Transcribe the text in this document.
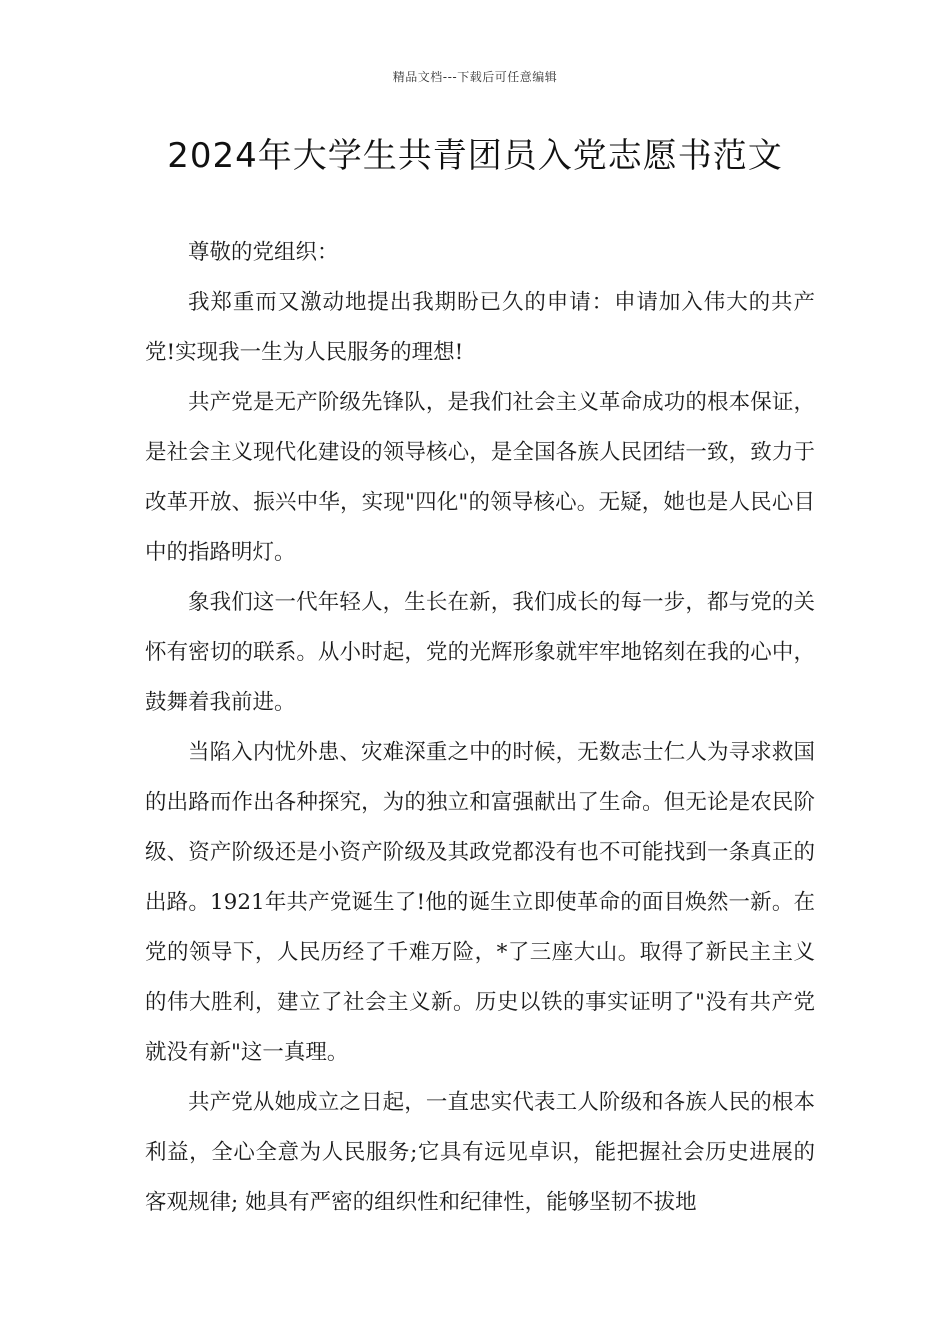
精品文档---下载后可任意编辑
2024年大学生共青团员入党志愿书范文

尊敬的党组织：

我郑重而又激动地提出我期盼已久的申请：申请加入伟大的共产党!实现我一生为人民服务的理想!

共产党是无产阶级先锋队，是我们社会主义革命成功的根本保证，是社会主义现代化建设的领导核心，是全国各族人民团结一致，致力于改革开放、振兴中华，实现"四化"的领导核心。无疑，她也是人民心目中的指路明灯。

象我们这一代年轻人，生长在新，我们成长的每一步，都与党的关怀有密切的联系。从小时起，党的光辉形象就牢牢地铭刻在我的心中，鼓舞着我前进。

当陷入内忧外患、灾难深重之中的时候，无数志士仁人为寻求救国的出路而作出各种探究，为的独立和富强献出了生命。但无论是农民阶级、资产阶级还是小资产阶级及其政党都没有也不可能找到一条真正的出路。1921年共产党诞生了!他的诞生立即使革命的面目焕然一新。在党的领导下，人民历经了千难万险，*了三座大山。取得了新民主主义的伟大胜利，建立了社会主义新。历史以铁的事实证明了"没有共产党就没有新"这一真理。

共产党从她成立之日起，一直忠实代表工人阶级和各族人民的根本利益，全心全意为人民服务;它具有远见卓识，能把握社会历史进展的客观规律; 她具有严密的组织性和纪律性，能够坚韧不拔地
